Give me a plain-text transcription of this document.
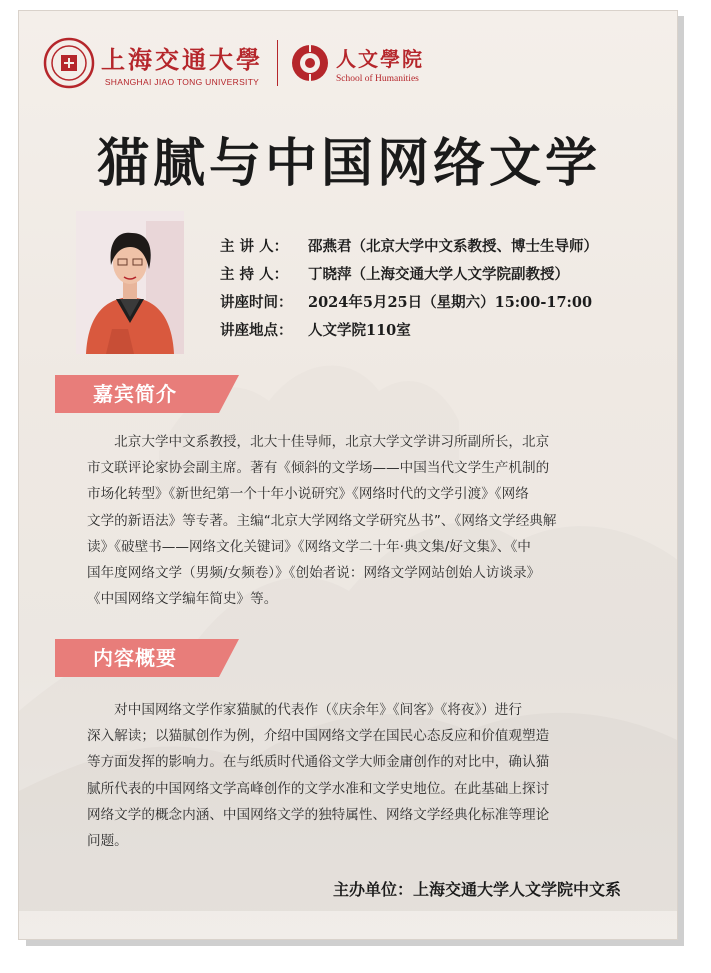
上海交通大學
SHANGHAI JIAO TONG UNIVERSITY
人文學院
School of Humanities
猫腻与中国网络文学
主 讲 人：	邵燕君（北京大学中文系教授、博士生导师）
主 持 人：	丁晓萍（上海交通大学人文学院副教授）
讲座时间：	2024年5月25日（星期六）15:00-17:00
讲座地点：	人文学院110室
嘉宾简介
　　北京大学中文系教授，北大十佳导师，北京大学文学讲习所副所长，北京
市文联评论家协会副主席。著有《倾斜的文学场——中国当代文学生产机制的
市场化转型》《新世纪第一个十年小说研究》《网络时代的文学引渡》《网络
文学的新语法》等专著。主编“北京大学网络文学研究丛书”、《网络文学经典解
读》《破壁书——网络文化关键词》《网络文学二十年·典文集/好文集》、《中
国年度网络文学（男频/女频卷）》《创始者说：网络文学网站创始人访谈录》
《中国网络文学编年简史》等。
内容概要
　　对中国网络文学作家猫腻的代表作（《庆余年》《间客》《将夜》）进行
深入解读；以猫腻创作为例，介绍中国网络文学在国民心态反应和价值观塑造
等方面发挥的影响力。在与纸质时代通俗文学大师金庸创作的对比中，确认猫
腻所代表的中国网络文学高峰创作的文学水准和文学史地位。在此基础上探讨
网络文学的概念内涵、中国网络文学的独特属性、网络文学经典化标准等理论
问题。
主办单位：上海交通大学人文学院中文系
